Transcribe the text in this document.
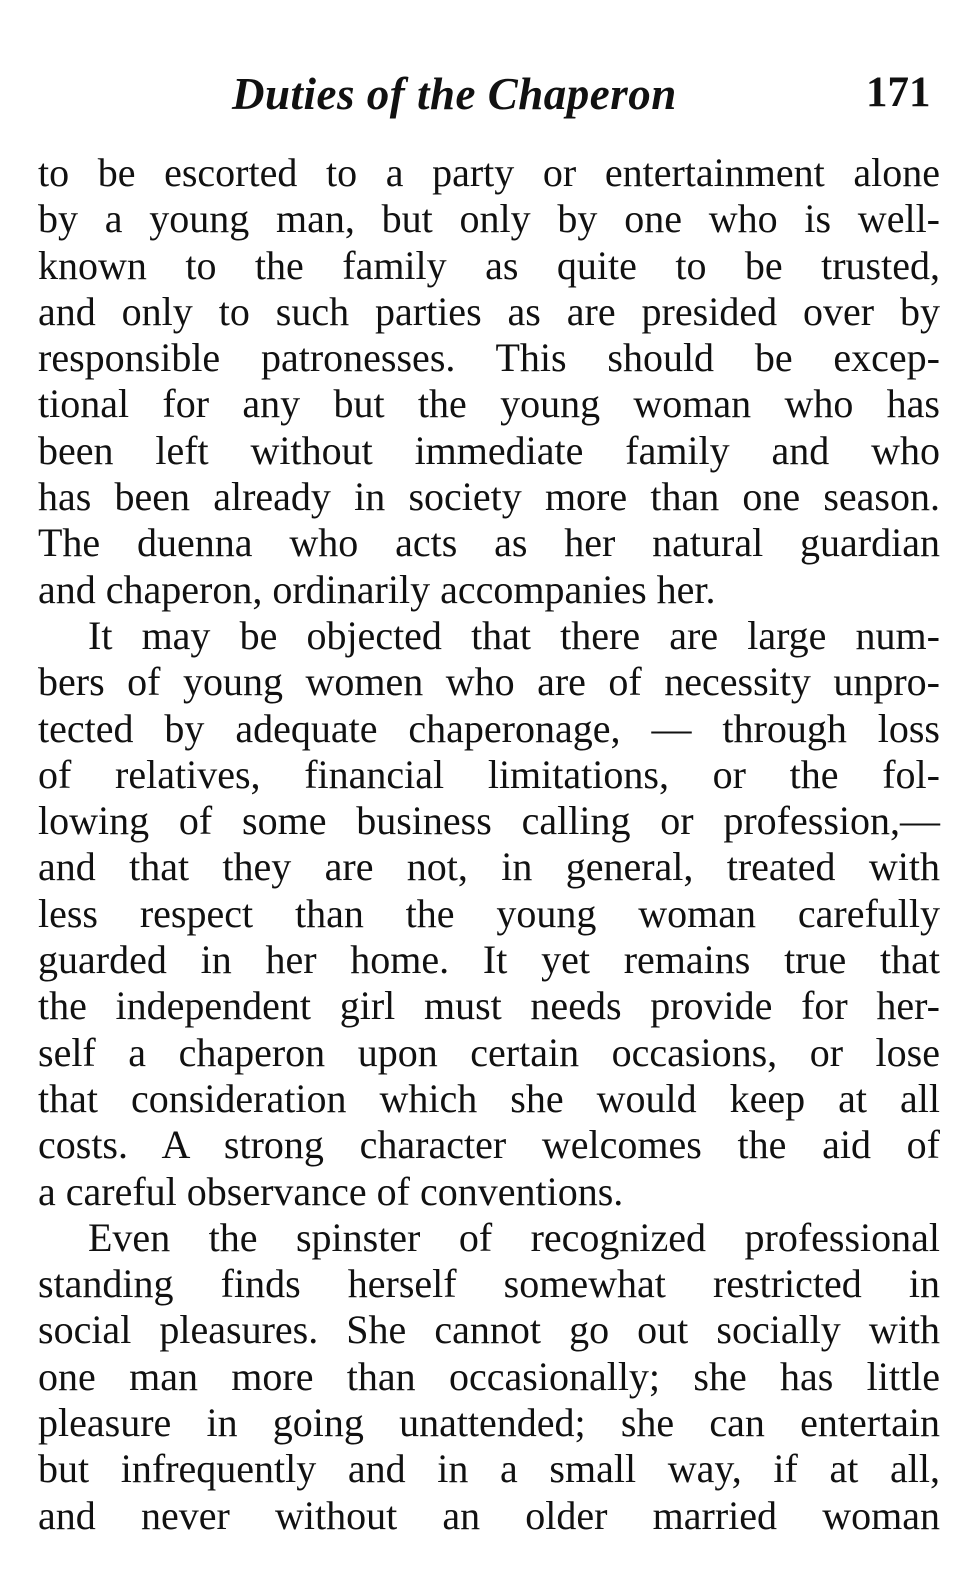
Duties of the Chaperon	171
to be escorted to a party or entertainment alone
by a young man, but only by one who is well-
known to the family as quite to be trusted,
and only to such parties as are presided over by
responsible patronesses. This should be excep-
tional for any but the young woman who has
been left without immediate family and who
has been already in society more than one season.
The duenna who acts as her natural guardian
and chaperon, ordinarily accompanies her.
It may be objected that there are large num-
bers of young women who are of necessity unpro-
tected by adequate chaperonage, — through loss
of relatives, financial limitations, or the fol-
lowing of some business calling or profession,—
and that they are not, in general, treated with
less respect than the young woman carefully
guarded in her home. It yet remains true that
the independent girl must needs provide for her-
self a chaperon upon certain occasions, or lose
that consideration which she would keep at all
costs. A strong character welcomes the aid of
a careful observance of conventions.
Even the spinster of recognized professional
standing finds herself somewhat restricted in
social pleasures. She cannot go out socially with
one man more than occasionally; she has little
pleasure in going unattended; she can entertain
but infrequently and in a small way, if at all,
and never without an older married woman
